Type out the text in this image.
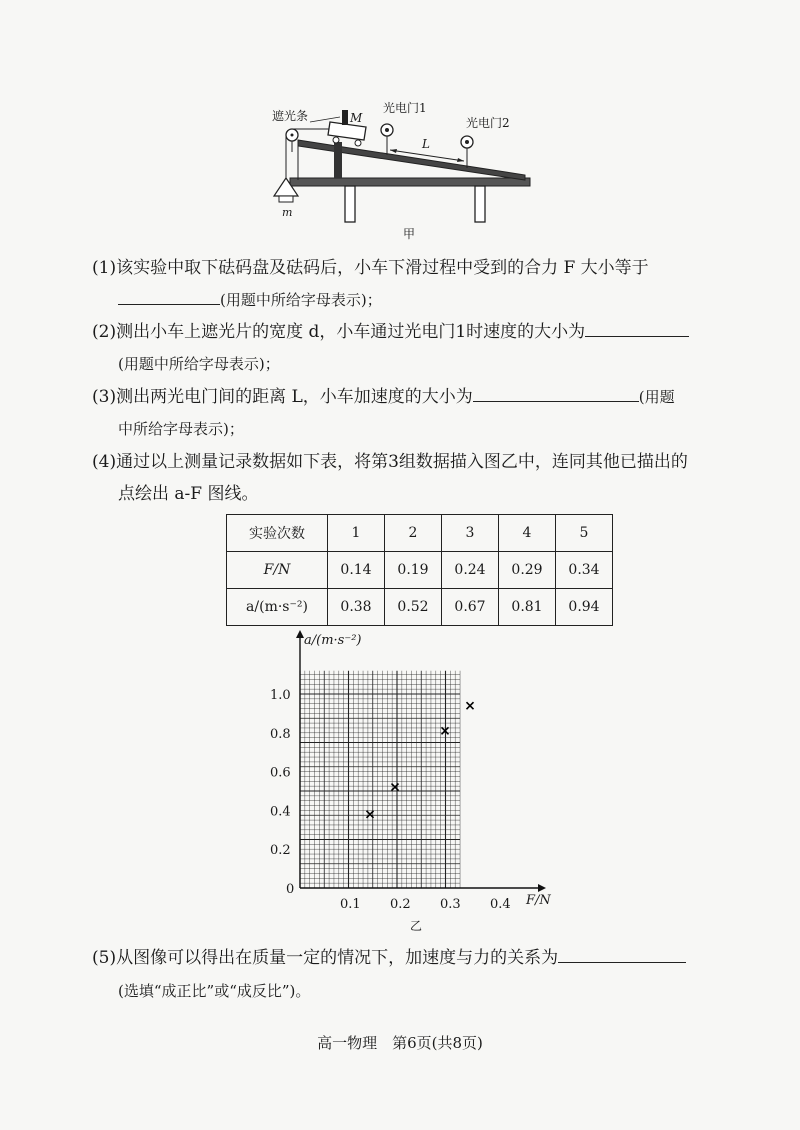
m
遮光条	M
光电门1
光电门2
L
甲
(1)该实验中取下砝码盘及砝码后，小车下滑过程中受到的合力 F 大小等于
(用题中所给字母表示)；
(2)测出小车上遮光片的宽度 d，小车通过光电门1时速度的大小为
(用题中所给字母表示)；
(3)测出两光电门间的距离 L，小车加速度的大小为	(用题
中所给字母表示)；
(4)通过以上测量记录数据如下表，将第3组数据描入图乙中，连同其他已描出的
点绘出 a-F 图线。
实验次数	1	2	3	4	5
F/N	0.14	0.19	0.24	0.29	0.34
a/(m·s⁻²)	0.38	0.52	0.67	0.81	0.94
0.1 0.2 0.3 0.4
0
0.2
0.4
0.6
0.8
1.0
a/(m·s⁻²)
F/N
乙
(5)从图像可以得出在质量一定的情况下，加速度与力的关系为
(选填“成正比”或“成反比”)。
高一物理　第6页(共8页)
